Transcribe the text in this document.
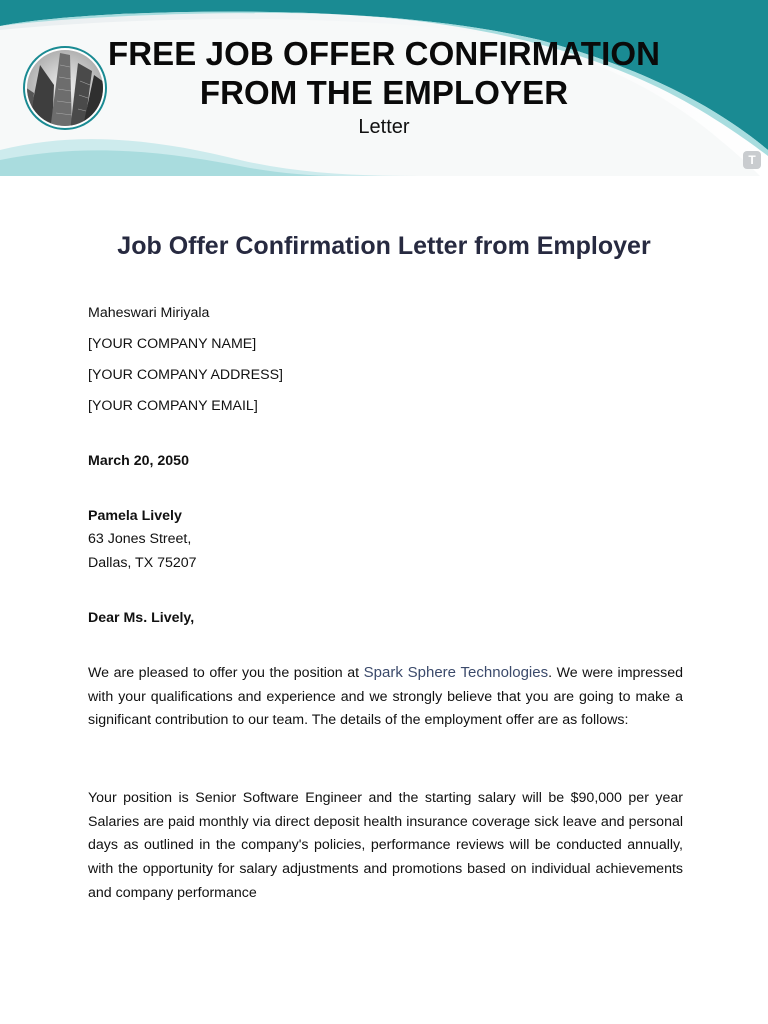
FREE JOB OFFER CONFIRMATION
FROM THE EMPLOYER
Letter
T
Job Offer Confirmation Letter from Employer
Maheswari Miriyala
[YOUR COMPANY NAME]
[YOUR COMPANY ADDRESS]
[YOUR COMPANY EMAIL]
March 20, 2050
Pamela Lively
63 Jones Street,
Dallas, TX 75207
Dear Ms. Lively,
We are pleased to offer you the position at Spark Sphere Technologies. We were impressed with your qualifications and experience and we strongly believe that you are going to make a significant contribution to our team. The details of the employment offer are as follows:
Your position is Senior Software Engineer and the starting salary will be $90,000 per year Salaries are paid monthly via direct deposit health insurance coverage sick leave and personal days as outlined in the company's policies, performance reviews will be conducted annually, with the opportunity for salary adjustments and promotions based on individual achievements and company performance
